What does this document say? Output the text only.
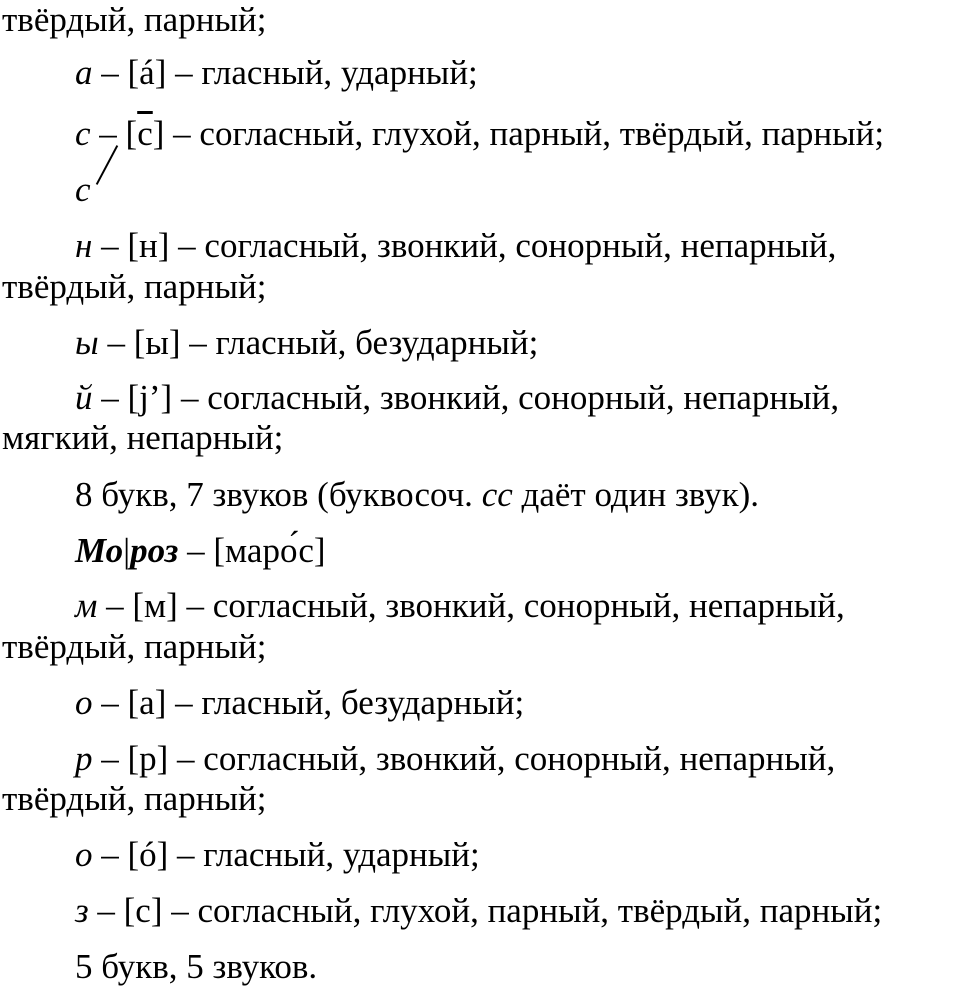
твёрдый, парный;
а – [á] – гласный, ударный;
с – [с] – согласный, глухой, парный, твёрдый, парный;
с
н – [н] – согласный, звонкий, сонорный, непарный,
твёрдый, парный;
ы – [ы] – гласный, безударный;
й – [j’] – согласный, звонкий, сонорный, непарный,
мягкий, непарный;
8 букв, 7 звуков (буквосоч. сс даёт один звук).
Мо|роз – [маро́с]
м – [м] – согласный, звонкий, сонорный, непарный,
твёрдый, парный;
о – [а] – гласный, безударный;
р – [р] – согласный, звонкий, сонорный, непарный,
твёрдый, парный;
о – [ó] – гласный, ударный;
з – [с] – согласный, глухой, парный, твёрдый, парный;
5 букв, 5 звуков.
